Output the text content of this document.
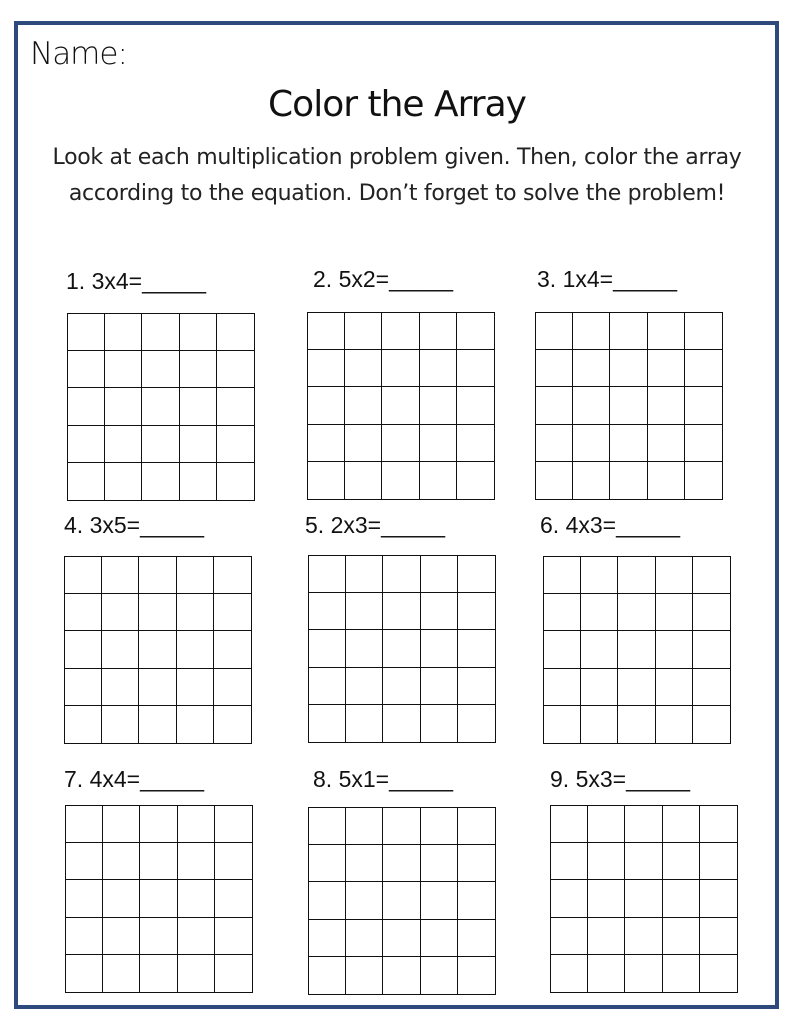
Name:

Color the Array

Look at each multiplication problem given. Then, color the array

according to the equation. Don’t forget to solve the problem!

1. 3x4=_____	2. 5x2=_____	3. 1x4=_____
4. 3x5=_____	5. 2x3=_____	6. 4x3=_____
7. 4x4=_____	8. 5x1=_____	9. 5x3=_____
